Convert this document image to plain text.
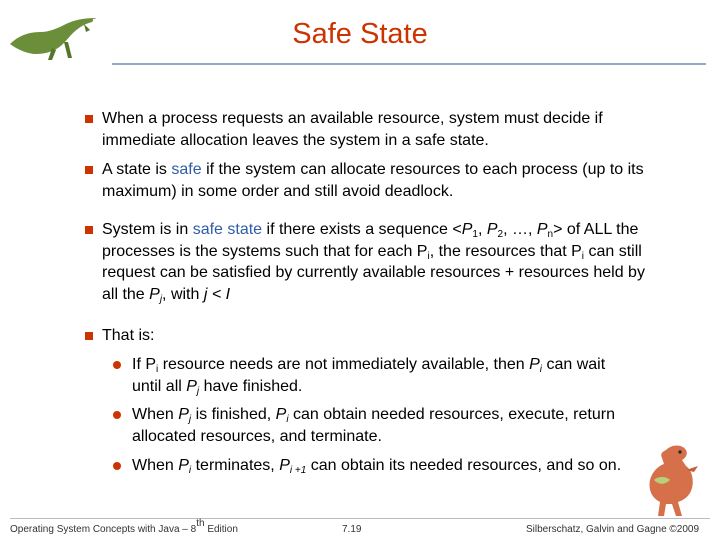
Safe State
When a process requests an available resource, system must decide if immediate allocation leaves the system in a safe state.
A state is safe if the system can allocate resources to each process (up to its maximum) in some order and still avoid deadlock.
System is in safe state if there exists a sequence $<P_1$, $P_2$, …, $P_n>$ of ALL the processes is the systems such that for each $P_i$, the resources that $P_i$ can still request can be satisfied by currently available resources + resources held by all the $P_j$, with j < I
That is:
If $P_i$ resource needs are not immediately available, then $P_i$ can wait until all $P_j$ have finished.
When $P_j$ is finished, $P_i$ can obtain needed resources, execute, return allocated resources, and terminate.
When $P_i$ terminates, $P_{i +1}$ can obtain its needed resources, and so on.
Operating System Concepts with Java – 8th Edition	7.19	Silberschatz, Galvin and Gagne ©2009
